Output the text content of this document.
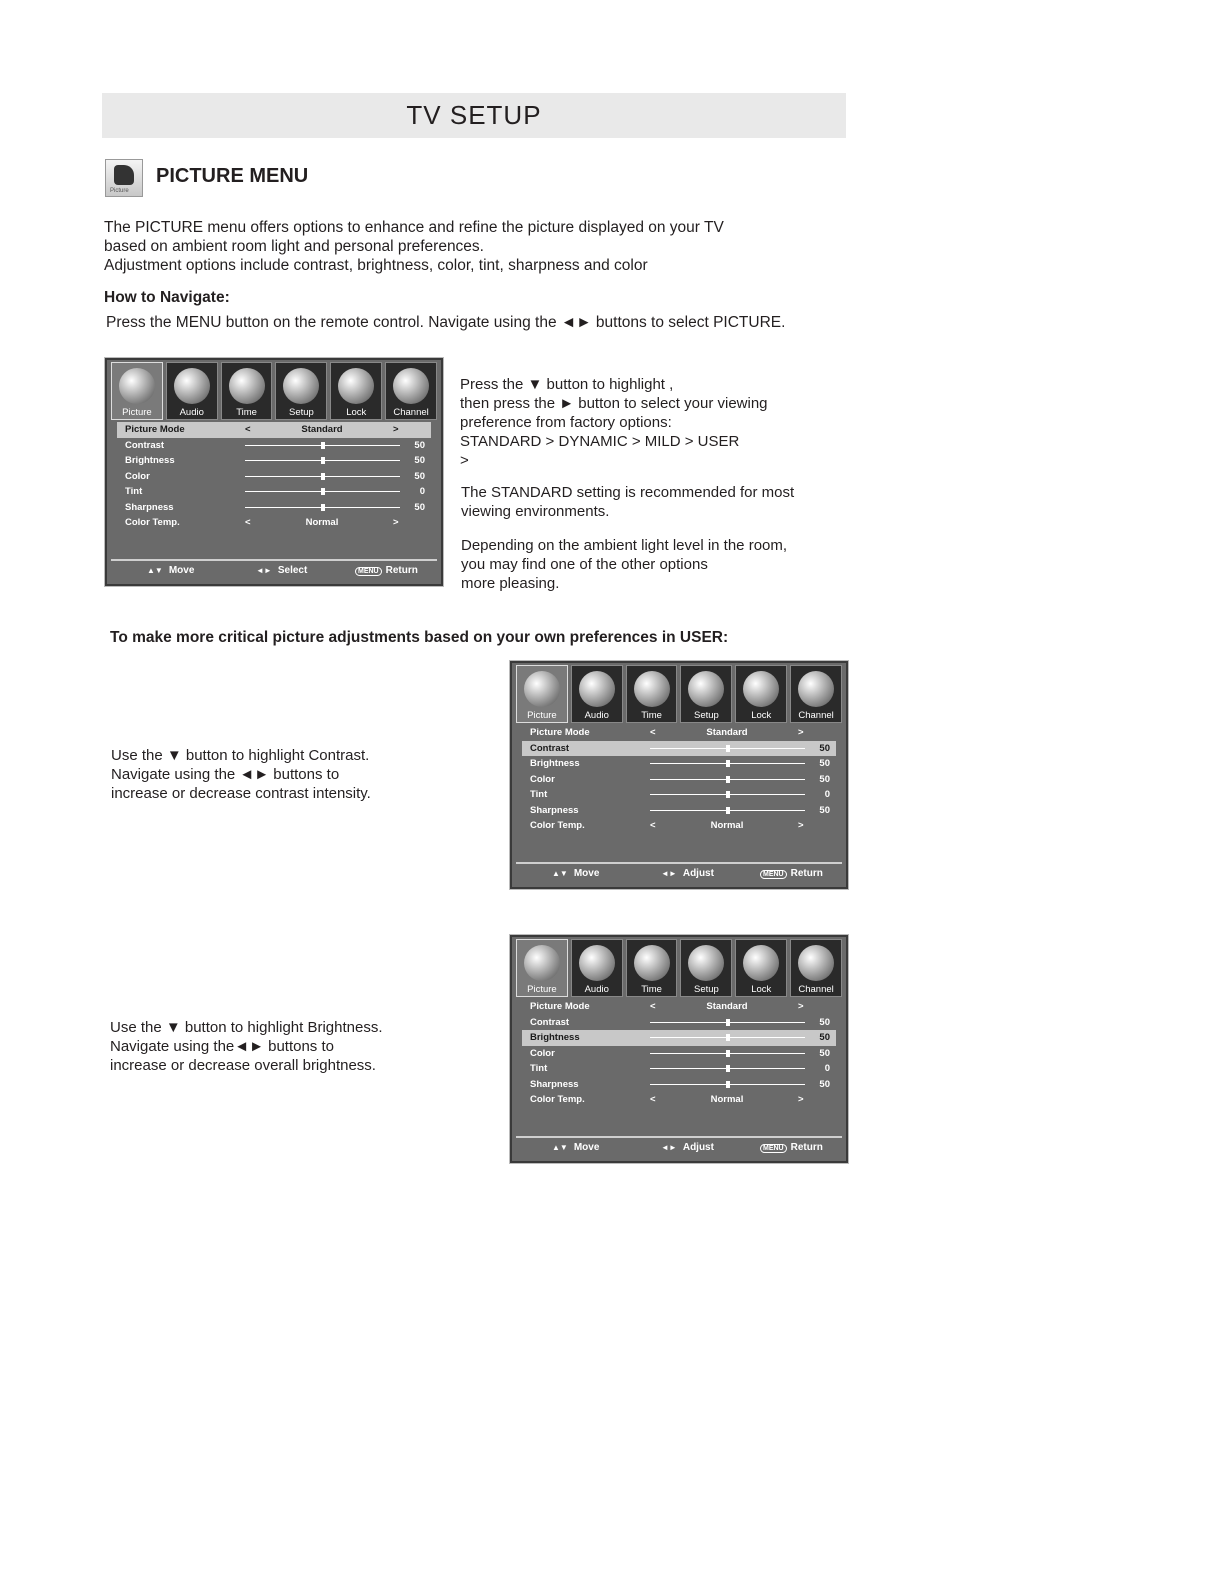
TV SETUP
Picture
PICTURE MENU
The PICTURE menu offers options to enhance and refine the picture displayed on your TV
based on ambient room light and personal preferences.
Adjustment options include contrast, brightness, color, tint, sharpness and color
How to Navigate:
Press the MENU button on the remote control. Navigate using the ◄► buttons to select PICTURE.
Picture	Audio	Time	Setup	Lock	Channel
Picture Mode	<	Standard	>
Contrast	50
Brightness	50
Color	50
Tint	0
Sharpness	50
Color Temp.	<	Normal	>
▲▼ Move	◄► Select	MENU Return
Press the ▼ button to highlight ,
then press the ► button to select your viewing
preference from factory options:
STANDARD > DYNAMIC > MILD > USER
>
The STANDARD setting is recommended for most
viewing environments.
Depending on the ambient light level in the room,
you may find one of the other options
more pleasing.
To make more critical picture adjustments based on your own preferences in USER:
Use the ▼ button to highlight Contrast.
Navigate using the ◄► buttons to
increase or decrease contrast intensity.
Picture	Audio	Time	Setup	Lock	Channel
Picture Mode	<	Standard	>
Contrast	50
Brightness	50
Color	50
Tint	0
Sharpness	50
Color Temp.	<	Normal	>
▲▼ Move	◄► Adjust	MENU Return
Use the ▼ button to highlight Brightness.
Navigate using the◄► buttons to
increase or decrease overall brightness.
Picture	Audio	Time	Setup	Lock	Channel
Picture Mode	<	Standard	>
Contrast	50
Brightness	50
Color	50
Tint	0
Sharpness	50
Color Temp.	<	Normal	>
▲▼ Move	◄► Adjust	MENU Return
